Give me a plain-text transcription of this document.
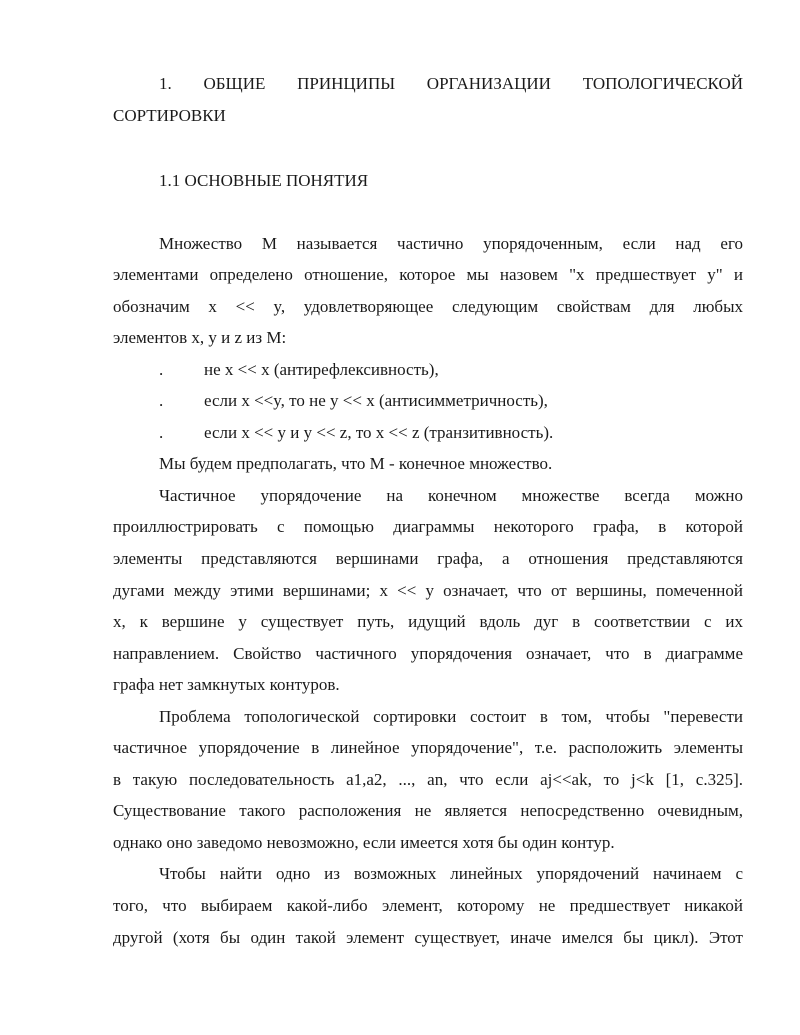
1. ОБЩИЕ ПРИНЦИПЫ ОРГАНИЗАЦИИ ТОПОЛОГИЧЕСКОЙ
СОРТИРОВКИ
1.1 ОСНОВНЫЕ ПОНЯТИЯ
Множество М называется частично упорядоченным, если над его
элементами определено отношение, которое мы назовем "x предшествует y" и
обозначим x << y, удовлетворяющее следующим свойствам для любых
элементов x, y и z из М:
. не x << x (антирефлексивность),
. если x <<y, то не y << x (антисимметричность),
. если x << y и y << z, то x << z (транзитивность).
Мы будем предполагать, что М - конечное множество.
Частичное упорядочение на конечном множестве всегда можно
проиллюстрировать с помощью диаграммы некоторого графа, в которой
элементы представляются вершинами графа, а отношения представляются
дугами между этими вершинами; x << y означает, что от вершины, помеченной
x, к вершине y существует путь, идущий вдоль дуг в соответствии с их
направлением. Свойство частичного упорядочения означает, что в диаграмме
графа нет замкнутых контуров.
Проблема топологической сортировки состоит в том, чтобы "перевести
частичное упорядочение в линейное упорядочение", т.е. расположить элементы
в такую последовательность a1,a2, ..., an, что если aj<<ak, то j<k [1, с.325].
Существование такого расположения не является непосредственно очевидным,
однако оно заведомо невозможно, если имеется хотя бы один контур.
Чтобы найти одно из возможных линейных упорядочений начинаем с
того, что выбираем какой-либо элемент, которому не предшествует никакой
другой (хотя бы один такой элемент существует, иначе имелся бы цикл). Этот
